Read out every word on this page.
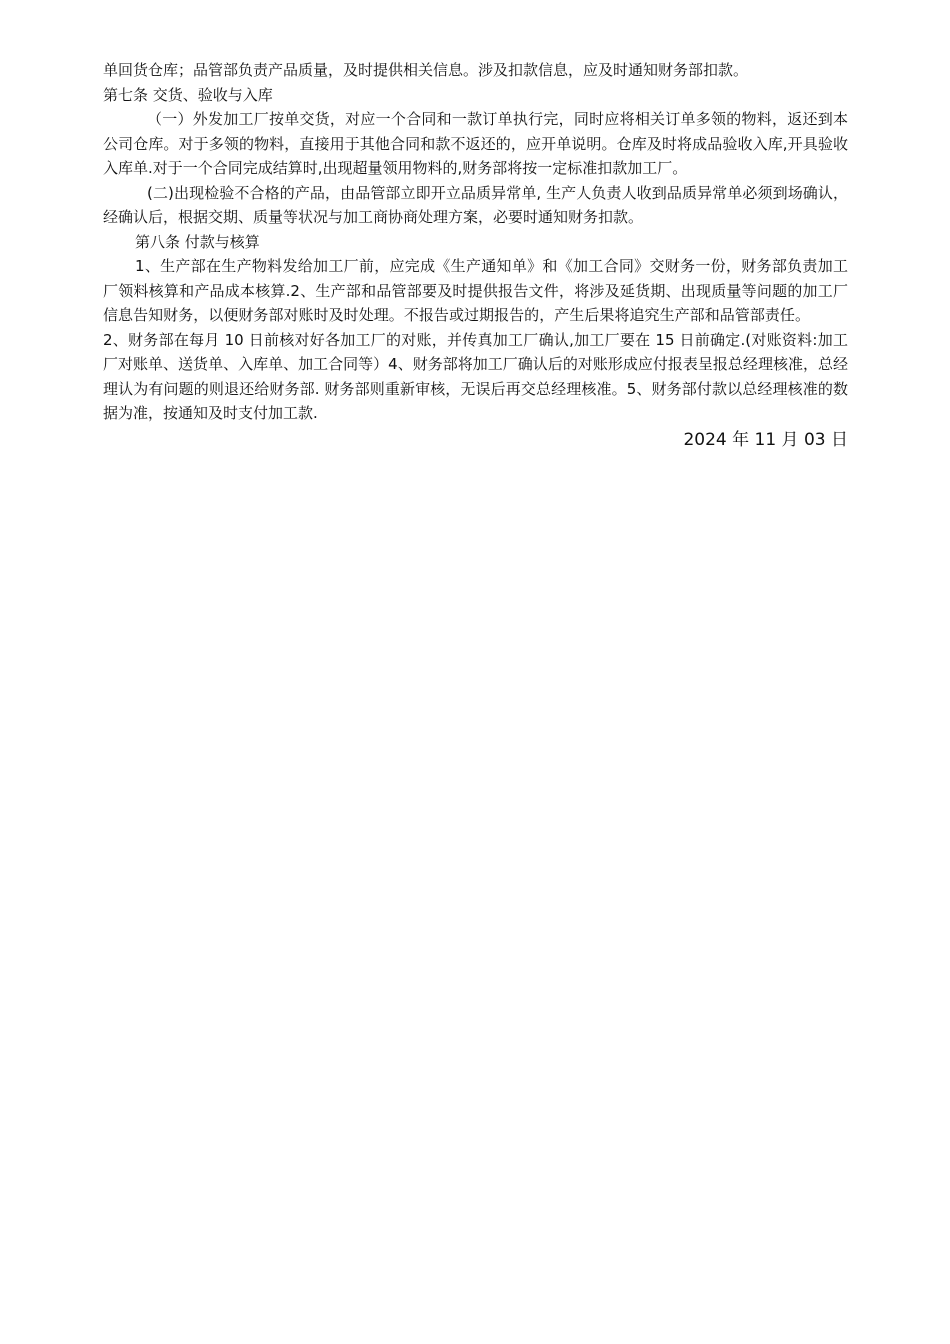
单回货仓库；品管部负责产品质量，及时提供相关信息。涉及扣款信息，应及时通知财务部扣款。

第七条 交货、验收与入库

（一）外发加工厂按单交货，对应一个合同和一款订单执行完，同时应将相关订单多领的物料，返还到本公司仓库。对于多领的物料，直接用于其他合同和款不返还的，应开单说明。仓库及时将成品验收入库,开具验收入库单.对于一个合同完成结算时,出现超量领用物料的,财务部将按一定标准扣款加工厂。

(二)出现检验不合格的产品，由品管部立即开立品质异常单, 生产人负责人收到品质异常单必须到场确认，经确认后，根据交期、质量等状况与加工商协商处理方案，必要时通知财务扣款。

第八条 付款与核算

1、生产部在生产物料发给加工厂前，应完成《生产通知单》和《加工合同》交财务一份，财务部负责加工厂领料核算和产品成本核算.2、生产部和品管部要及时提供报告文件，将涉及延货期、出现质量等问题的加工厂信息告知财务，以便财务部对账时及时处理。不报告或过期报告的，产生后果将追究生产部和品管部责任。2、财务部在每月 10 日前核对好各加工厂的对账，并传真加工厂确认,加工厂要在 15 日前确定.(对账资料:加工厂对账单、送货单、入库单、加工合同等）4、财务部将加工厂确认后的对账形成应付报表呈报总经理核准，总经理认为有问题的则退还给财务部. 财务部则重新审核，无误后再交总经理核准。5、财务部付款以总经理核准的数据为准，按通知及时支付加工款.

2024 年 11 月 03 日
